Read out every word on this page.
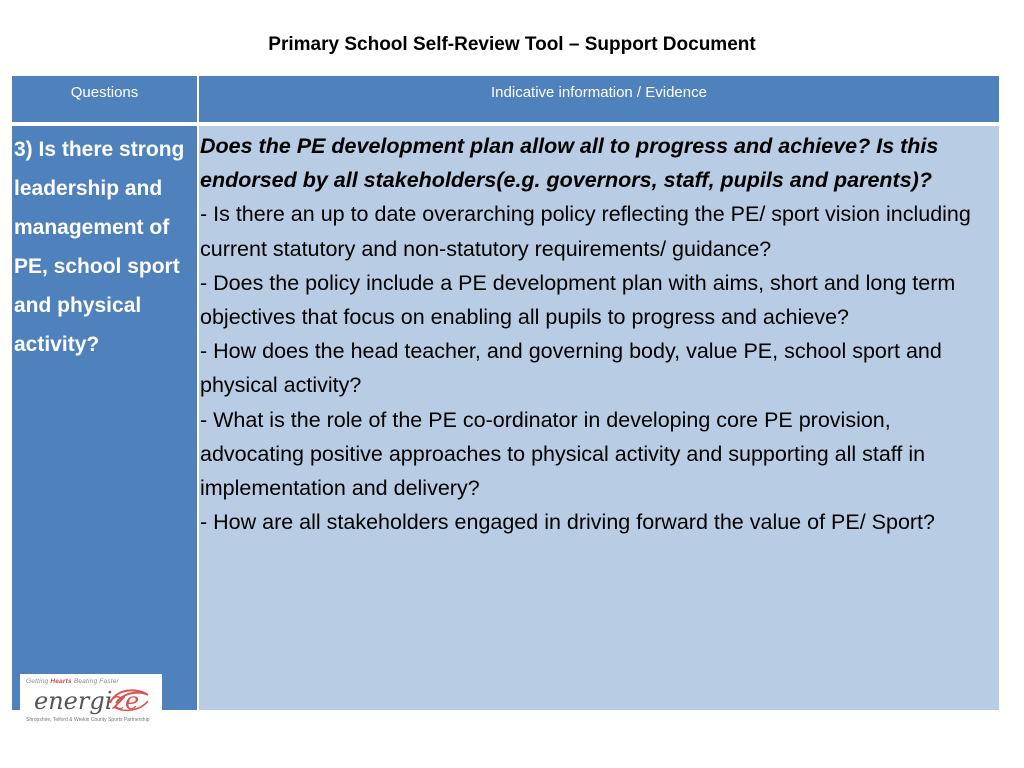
Primary School Self-Review Tool – Support Document
Questions	Indicative information / Evidence
3) Is there strong leadership and management of PE, school sport and physical activity?

Does the PE development plan allow all to progress and achieve? Is this endorsed by all stakeholders(e.g. governors, staff, pupils and parents)?

- Is there an up to date overarching policy reflecting the PE/ sport vision including current statutory and non-statutory requirements/ guidance?

- Does the policy include a PE development plan with aims, short and long term objectives that focus on enabling all pupils to progress and achieve?

- How does the head teacher, and governing body, value PE, school sport and physical activity?

- What is the role of the PE co-ordinator in developing core PE provision, advocating positive approaches to physical activity and supporting all staff in implementation and delivery?

- How are all stakeholders engaged in driving forward the value of PE/ Sport?

Getting Hearts Beating Faster
energize
Shropshire, Telford & Wrekin County Sports Partnership
